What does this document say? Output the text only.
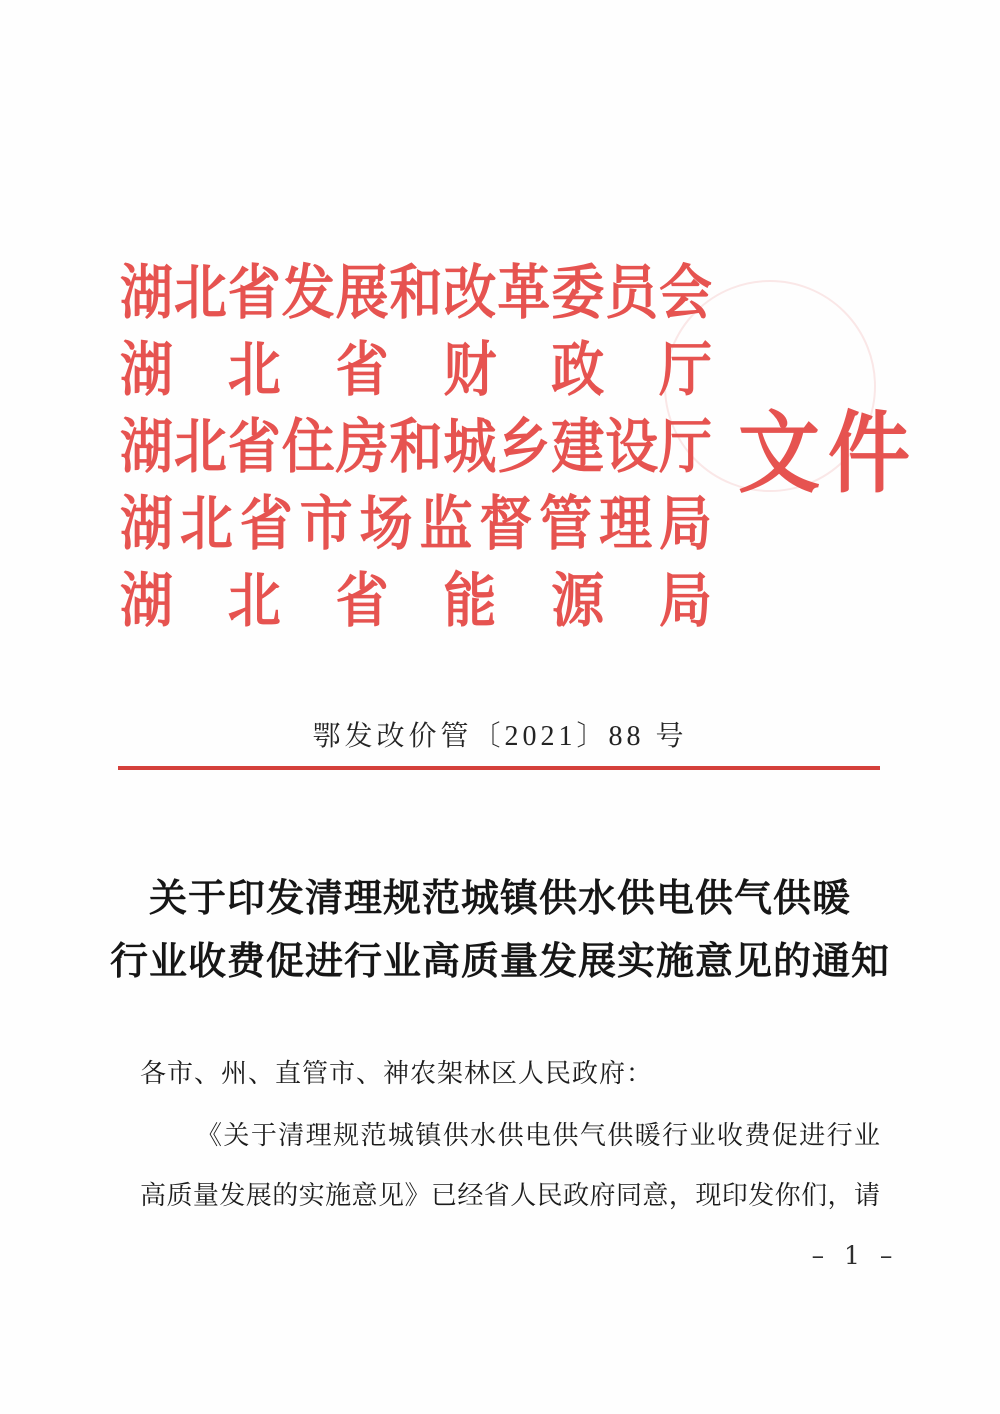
湖北省发展和改革委员会
湖北省财政厅
湖北省住房和城乡建设厅
湖北省市场监督管理局
湖北省能源局
文件
鄂发改价管〔2021〕88 号
关于印发清理规范城镇供水供电供气供暖
行业收费促进行业高质量发展实施意见的通知
各市、州、直管市、神农架林区人民政府：
《关于清理规范城镇供水供电供气供暖行业收费促进行业
高质量发展的实施意见》已经省人民政府同意，现印发你们，请
– 1 –
